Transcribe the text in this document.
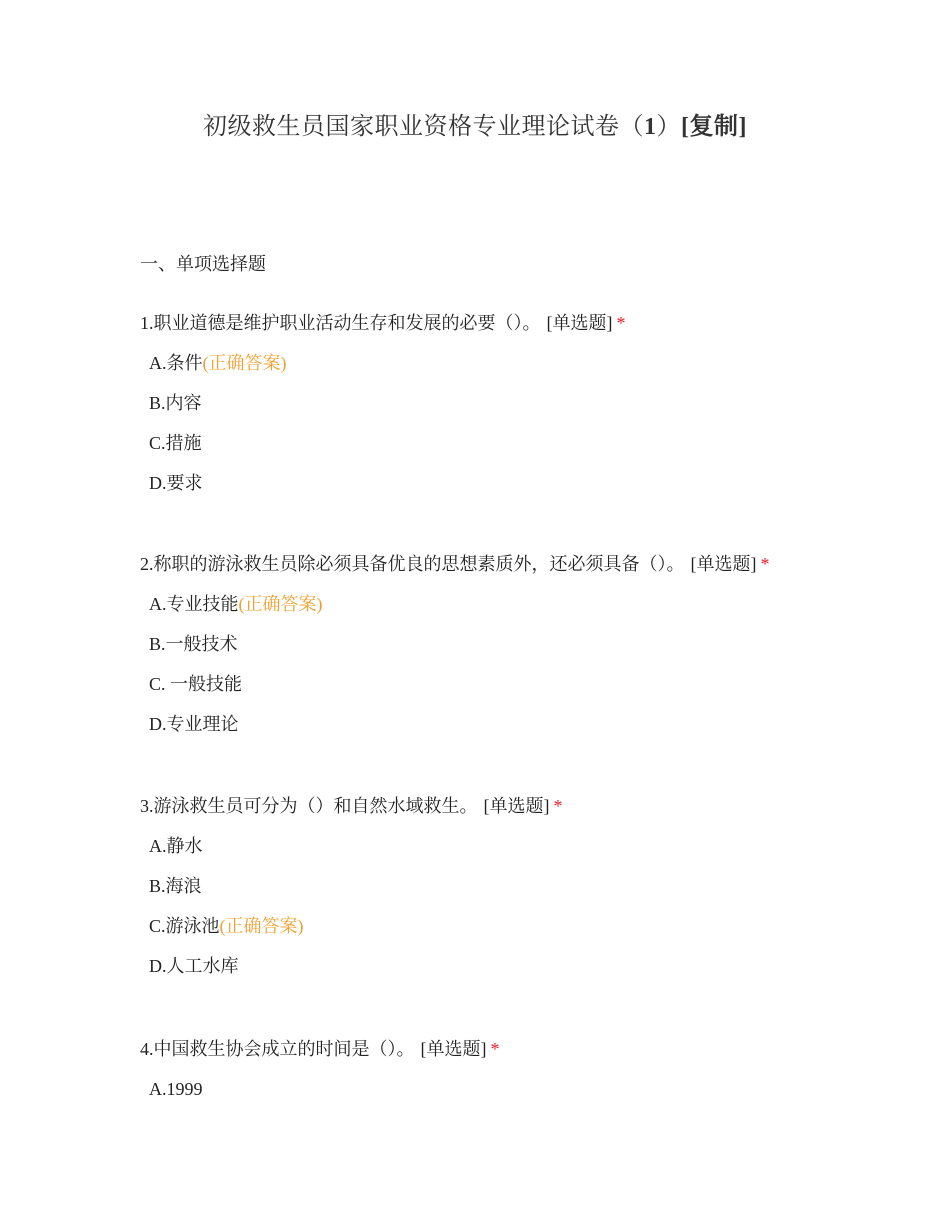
初级救生员国家职业资格专业理论试卷（1）[复制]
一、单项选择题
1.职业道德是维护职业活动生存和发展的必要（）。 [单选题] *
A.条件(正确答案)
B.内容
C.措施
D.要求
2.称职的游泳救生员除必须具备优良的思想素质外，还必须具备（）。 [单选题] *
A.专业技能(正确答案)
B.一般技术
C. 一般技能
D.专业理论
3.游泳救生员可分为（）和自然水域救生。 [单选题] *
A.静水
B.海浪
C.游泳池(正确答案)
D.人工水库
4.中国救生协会成立的时间是（）。 [单选题] *
A.1999
